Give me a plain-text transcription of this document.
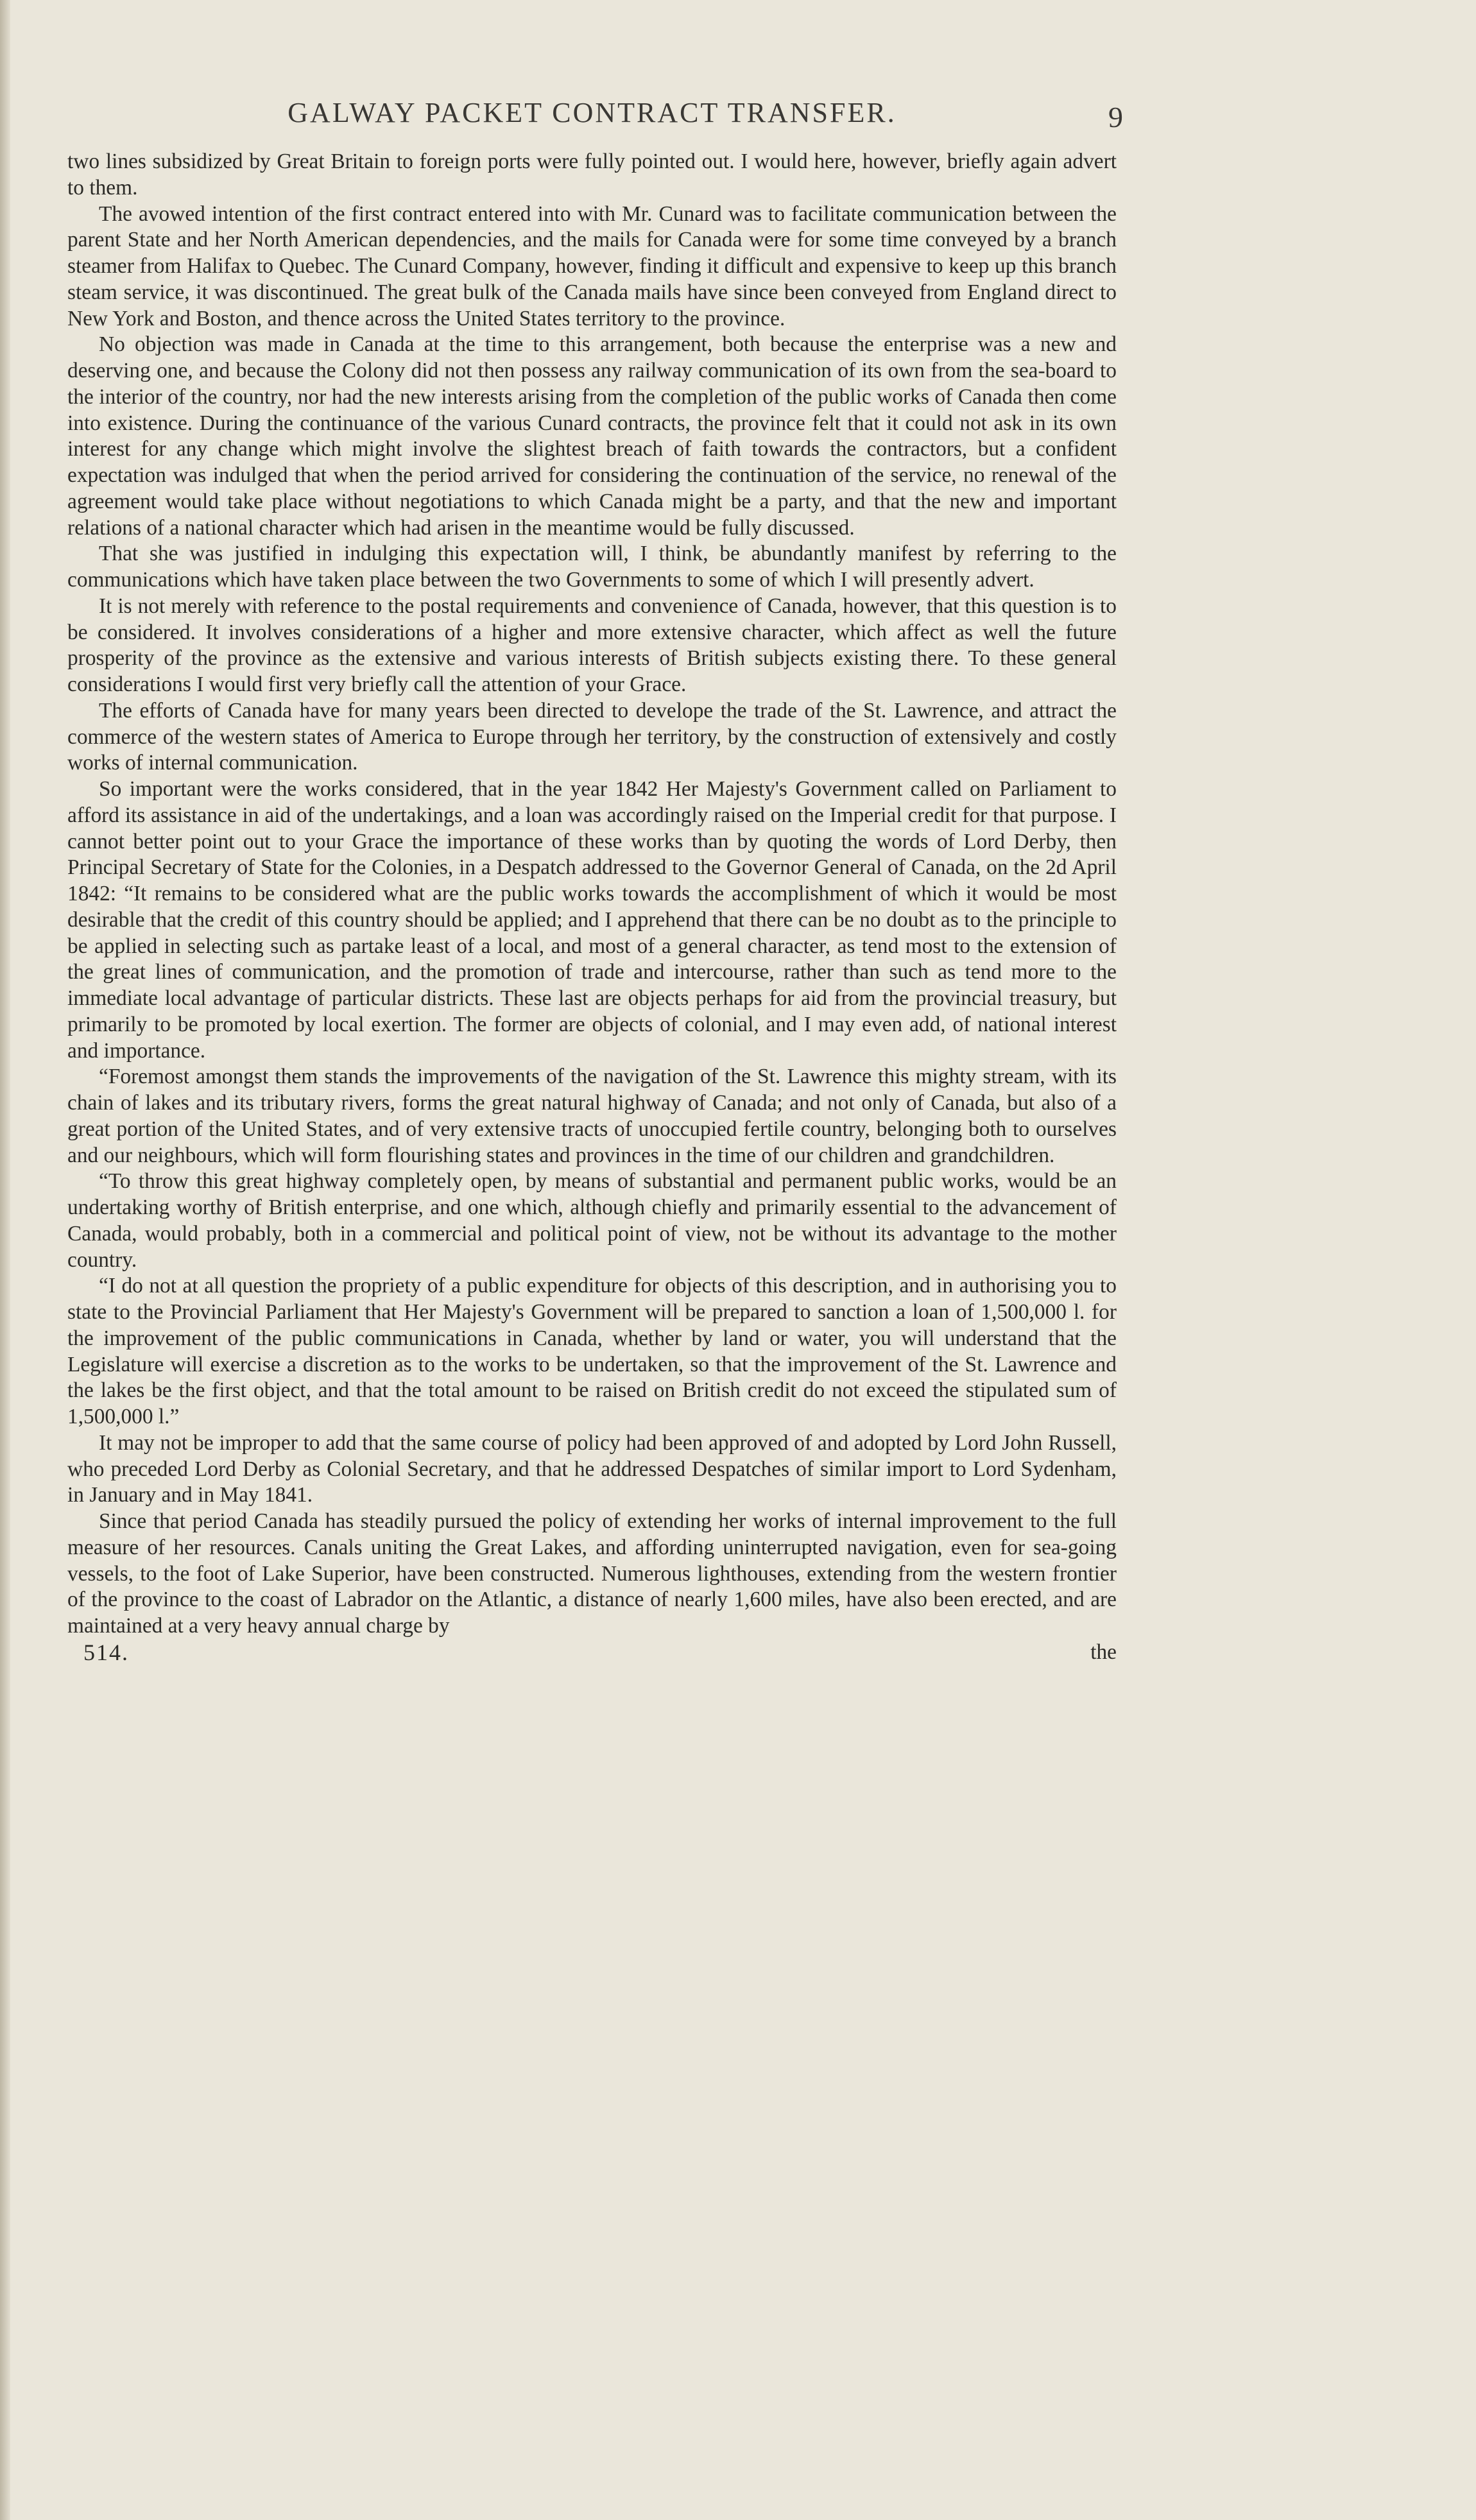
GALWAY PACKET CONTRACT TRANSFER.	9

two lines subsidized by Great Britain to foreign ports were fully pointed out. I would here, however, briefly again advert to them.

The avowed intention of the first contract entered into with Mr. Cunard was to facilitate communication between the parent State and her North American dependencies, and the mails for Canada were for some time conveyed by a branch steamer from Halifax to Quebec. The Cunard Company, however, finding it difficult and expensive to keep up this branch steam service, it was discontinued. The great bulk of the Canada mails have since been conveyed from England direct to New York and Boston, and thence across the United States territory to the province.

No objection was made in Canada at the time to this arrangement, both because the enterprise was a new and deserving one, and because the Colony did not then possess any railway communication of its own from the sea-board to the interior of the country, nor had the new interests arising from the completion of the public works of Canada then come into existence. During the continuance of the various Cunard contracts, the province felt that it could not ask in its own interest for any change which might involve the slightest breach of faith towards the contractors, but a confident expectation was indulged that when the period arrived for considering the continuation of the service, no renewal of the agreement would take place without negotiations to which Canada might be a party, and that the new and important relations of a national character which had arisen in the meantime would be fully discussed.

That she was justified in indulging this expectation will, I think, be abundantly manifest by referring to the communications which have taken place between the two Governments to some of which I will presently advert.

It is not merely with reference to the postal requirements and convenience of Canada, however, that this question is to be considered. It involves considerations of a higher and more extensive character, which affect as well the future prosperity of the province as the extensive and various interests of British subjects existing there. To these general considerations I would first very briefly call the attention of your Grace.

The efforts of Canada have for many years been directed to develope the trade of the St. Lawrence, and attract the commerce of the western states of America to Europe through her territory, by the construction of extensively and costly works of internal communication.

So important were the works considered, that in the year 1842 Her Majesty's Government called on Parliament to afford its assistance in aid of the undertakings, and a loan was accordingly raised on the Imperial credit for that purpose. I cannot better point out to your Grace the importance of these works than by quoting the words of Lord Derby, then Principal Secretary of State for the Colonies, in a Despatch addressed to the Governor General of Canada, on the 2d April 1842: “It remains to be considered what are the public works towards the accomplishment of which it would be most desirable that the credit of this country should be applied; and I apprehend that there can be no doubt as to the principle to be applied in selecting such as partake least of a local, and most of a general character, as tend most to the extension of the great lines of communication, and the promotion of trade and intercourse, rather than such as tend more to the immediate local advantage of particular districts. These last are objects perhaps for aid from the provincial treasury, but primarily to be promoted by local exertion. The former are objects of colonial, and I may even add, of national interest and importance.

“Foremost amongst them stands the improvements of the navigation of the St. Lawrence this mighty stream, with its chain of lakes and its tributary rivers, forms the great natural highway of Canada; and not only of Canada, but also of a great portion of the United States, and of very extensive tracts of unoccupied fertile country, belonging both to ourselves and our neighbours, which will form flourishing states and provinces in the time of our children and grandchildren.

“To throw this great highway completely open, by means of substantial and permanent public works, would be an undertaking worthy of British enterprise, and one which, although chiefly and primarily essential to the advancement of Canada, would probably, both in a commercial and political point of view, not be without its advantage to the mother country.

“I do not at all question the propriety of a public expenditure for objects of this description, and in authorising you to state to the Provincial Parliament that Her Majesty's Government will be prepared to sanction a loan of 1,500,000 l. for the improvement of the public communications in Canada, whether by land or water, you will understand that the Legislature will exercise a discretion as to the works to be undertaken, so that the improvement of the St. Lawrence and the lakes be the first object, and that the total amount to be raised on British credit do not exceed the stipulated sum of 1,500,000 l.”

It may not be improper to add that the same course of policy had been approved of and adopted by Lord John Russell, who preceded Lord Derby as Colonial Secretary, and that he addressed Despatches of similar import to Lord Sydenham, in January and in May 1841.

Since that period Canada has steadily pursued the policy of extending her works of internal improvement to the full measure of her resources. Canals uniting the Great Lakes, and affording uninterrupted navigation, even for sea-going vessels, to the foot of Lake Superior, have been constructed. Numerous lighthouses, extending from the western frontier of the province to the coast of Labrador on the Atlantic, a distance of nearly 1,600 miles, have also been erected, and are maintained at a very heavy annual charge by

514.	the
